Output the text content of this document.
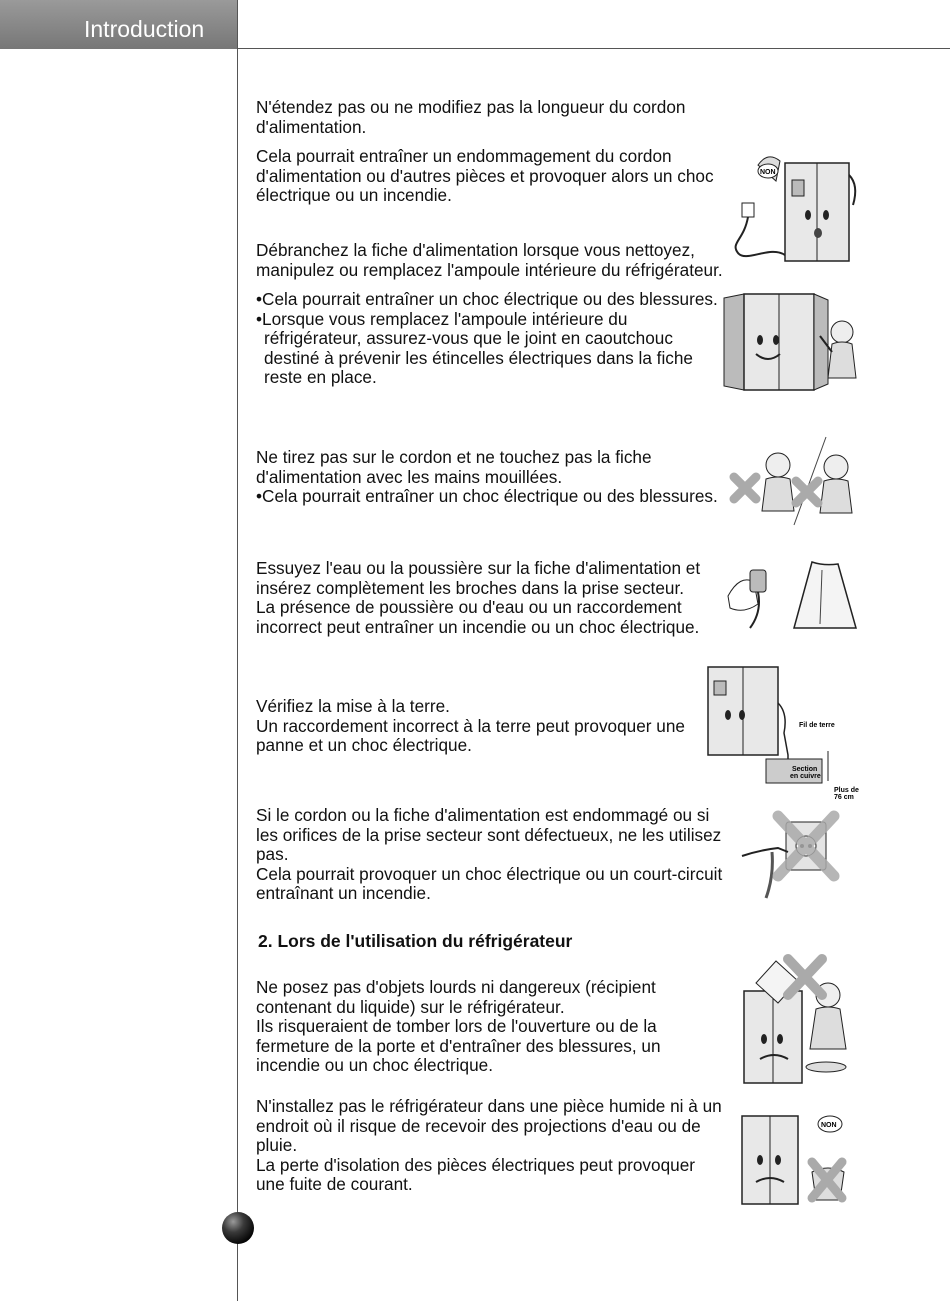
Introduction

N'étendez pas ou ne modifiez pas la longueur du cordon d'alimentation.

Cela pourrait entraîner un endommagement du cordon d'alimentation ou d'autres pièces et provoquer alors un choc électrique ou un incendie.

Débranchez la fiche d'alimentation lorsque vous nettoyez, manipulez ou remplacez l'ampoule intérieure du réfrigérateur.

• Cela pourrait entraîner un choc électrique ou des blessures.

• Lorsque vous remplacez l'ampoule intérieure du réfrigérateur, assurez-vous que le joint en caoutchouc destiné à prévenir les étincelles électriques dans la fiche reste en place.

Ne tirez pas sur le cordon et ne touchez pas la fiche d'alimentation avec les mains mouillées.

• Cela pourrait entraîner un choc électrique ou des blessures.

Essuyez l'eau ou la poussière sur la fiche d'alimentation et insérez complètement les broches dans la prise secteur.

La présence de poussière ou d'eau ou un raccordement incorrect peut entraîner un incendie ou un choc électrique.

Vérifiez la mise à la terre.

Un raccordement incorrect à la terre peut provoquer une panne et un choc électrique.

Si le cordon ou la fiche d'alimentation est endommagé ou si les orifices de la prise secteur sont défectueux, ne les utilisez pas.

Cela pourrait provoquer un choc électrique ou un court-circuit entraînant un incendie.

2. Lors de l'utilisation du réfrigérateur

Ne posez pas d'objets lourds ni dangereux (récipient contenant du liquide) sur le réfrigérateur.

Ils risqueraient de tomber lors de l'ouverture ou de la fermeture de la porte et d'entraîner des blessures, un incendie ou un choc électrique.

N'installez pas le réfrigérateur dans une pièce humide ni à un endroit où il risque de recevoir des projections d'eau ou de pluie.

La perte d'isolation des pièces électriques peut provoquer une fuite de courant.

NON
Fil de terre
Section
en cuivre
Plus de
76 cm
NON
